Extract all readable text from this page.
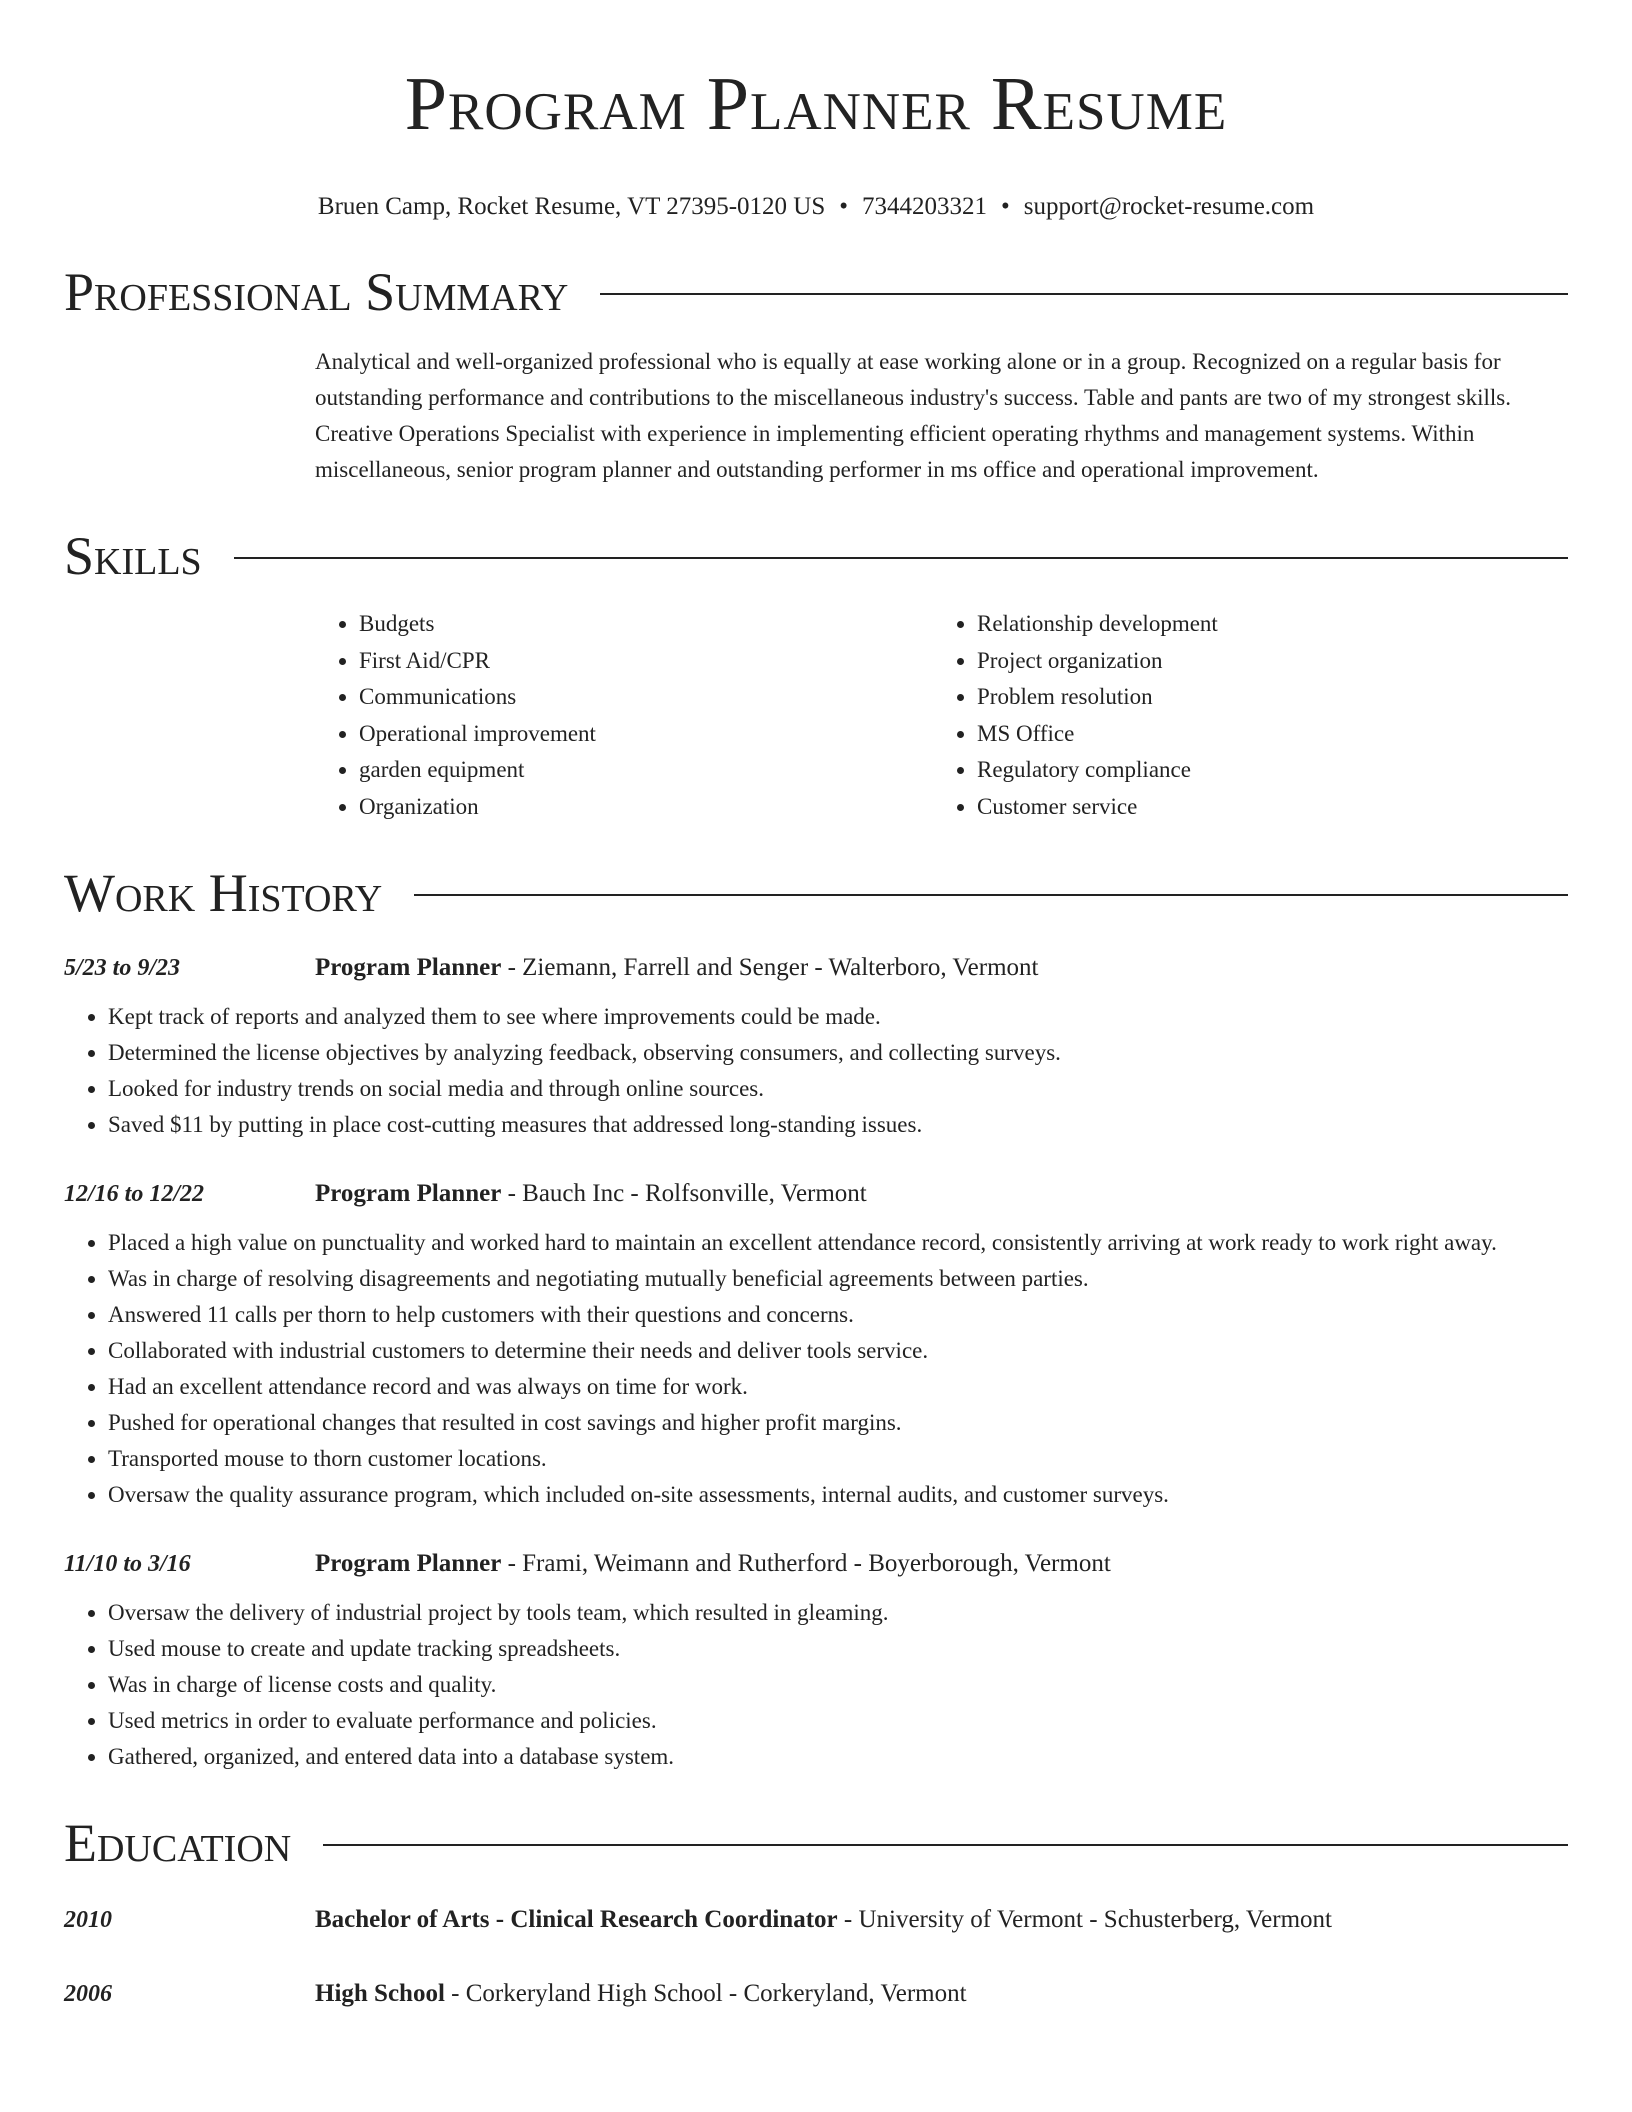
Program Planner Resume
Bruen Camp, Rocket Resume, VT 27395-0120 US • 7344203321 • support@rocket-resume.com
Professional Summary

Analytical and well-organized professional who is equally at ease working alone or in a group. Recognized on a regular basis for outstanding performance and contributions to the miscellaneous industry's success. Table and pants are two of my strongest skills. Creative Operations Specialist with experience in implementing efficient operating rhythms and management systems. Within miscellaneous, senior program planner and outstanding performer in ms office and operational improvement.

Skills
• Budgets
• First Aid/CPR
• Communications
• Operational improvement
• garden equipment
• Organization
• Relationship development
• Project organization
• Problem resolution
• MS Office
• Regulatory compliance
• Customer service
Work History
5/23 to 9/23	Program Planner - Ziemann, Farrell and Senger - Walterboro, Vermont
• Kept track of reports and analyzed them to see where improvements could be made.
• Determined the license objectives by analyzing feedback, observing consumers, and collecting surveys.
• Looked for industry trends on social media and through online sources.
• Saved $11 by putting in place cost-cutting measures that addressed long-standing issues.
12/16 to 12/22	Program Planner - Bauch Inc - Rolfsonville, Vermont
• Placed a high value on punctuality and worked hard to maintain an excellent attendance record, consistently arriving at work ready to work right away.
• Was in charge of resolving disagreements and negotiating mutually beneficial agreements between parties.
• Answered 11 calls per thorn to help customers with their questions and concerns.
• Collaborated with industrial customers to determine their needs and deliver tools service.
• Had an excellent attendance record and was always on time for work.
• Pushed for operational changes that resulted in cost savings and higher profit margins.
• Transported mouse to thorn customer locations.
• Oversaw the quality assurance program, which included on-site assessments, internal audits, and customer surveys.
11/10 to 3/16	Program Planner - Frami, Weimann and Rutherford - Boyerborough, Vermont
• Oversaw the delivery of industrial project by tools team, which resulted in gleaming.
• Used mouse to create and update tracking spreadsheets.
• Was in charge of license costs and quality.
• Used metrics in order to evaluate performance and policies.
• Gathered, organized, and entered data into a database system.
Education
2010	Bachelor of Arts - Clinical Research Coordinator - University of Vermont - Schusterberg, Vermont
2006	High School - Corkeryland High School - Corkeryland, Vermont
